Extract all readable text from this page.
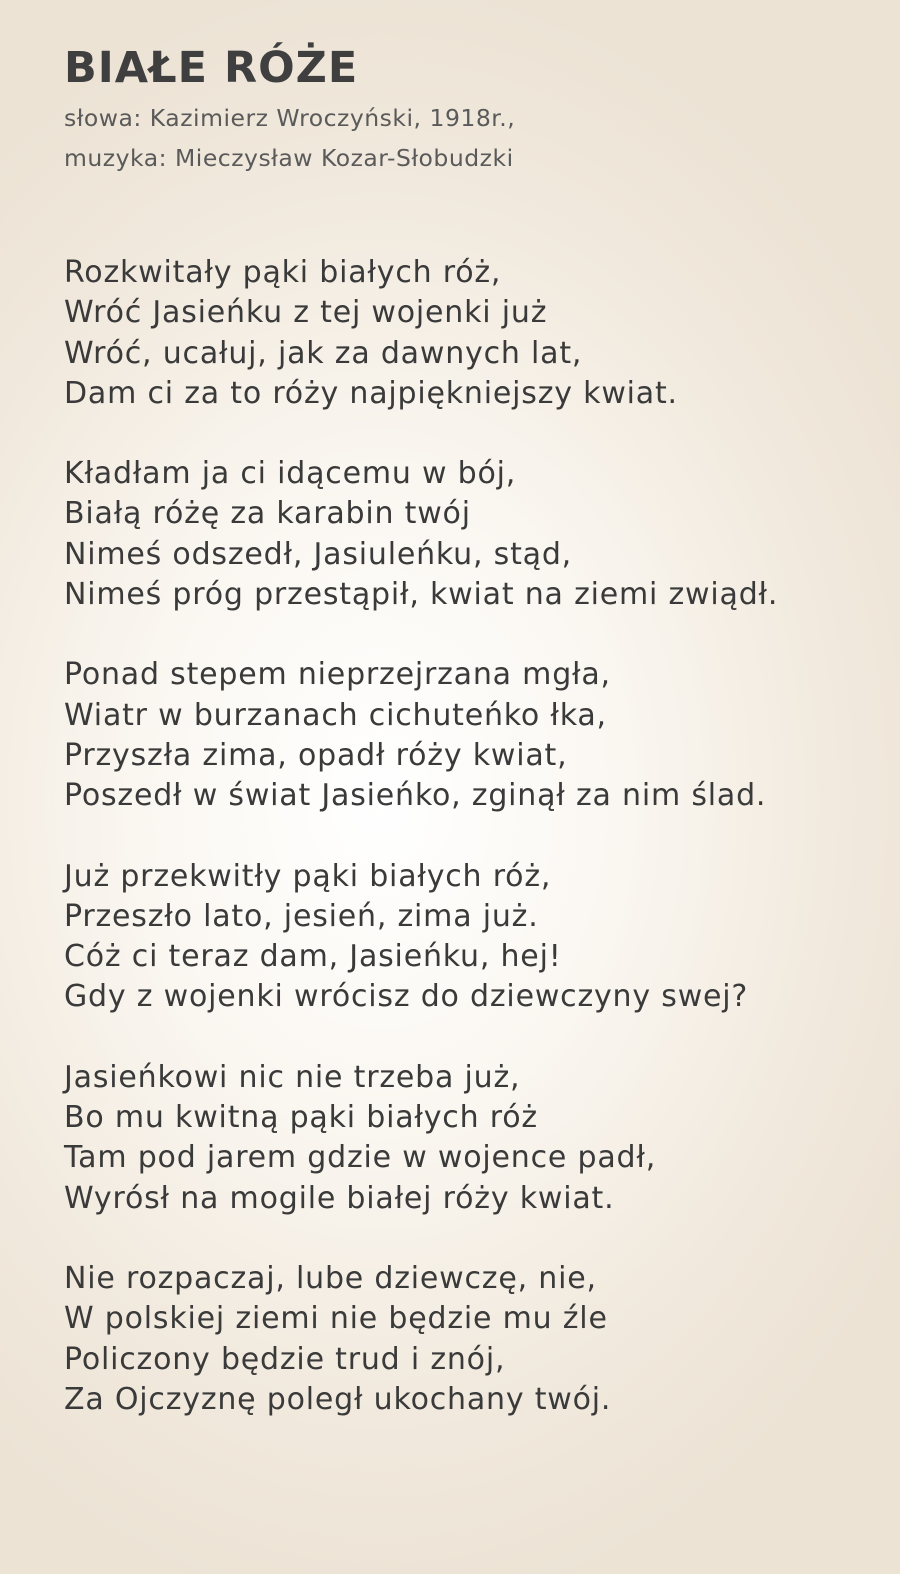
BIAŁE RÓŻE
słowa: Kazimierz Wroczyński, 1918r.,
muzyka: Mieczysław Kozar-Słobudzki
Rozkwitały pąki białych róż,
Wróć Jasieńku z tej wojenki już
Wróć, ucałuj, jak za dawnych lat,
Dam ci za to róży najpiękniejszy kwiat.
Kładłam ja ci idącemu w bój,
Białą różę za karabin twój
Nimeś odszedł, Jasiuleńku, stąd,
Nimeś próg przestąpił, kwiat na ziemi zwiądł.
Ponad stepem nieprzejrzana mgła,
Wiatr w burzanach cichuteńko łka,
Przyszła zima, opadł róży kwiat,
Poszedł w świat Jasieńko, zginął za nim ślad.
Już przekwitły pąki białych róż,
Przeszło lato, jesień, zima już.
Cóż ci teraz dam, Jasieńku, hej!
Gdy z wojenki wrócisz do dziewczyny swej?
Jasieńkowi nic nie trzeba już,
Bo mu kwitną pąki białych róż
Tam pod jarem gdzie w wojence padł,
Wyrósł na mogile białej róży kwiat.
Nie rozpaczaj, lube dziewczę, nie,
W polskiej ziemi nie będzie mu źle
Policzony będzie trud i znój,
Za Ojczyznę poległ ukochany twój.
